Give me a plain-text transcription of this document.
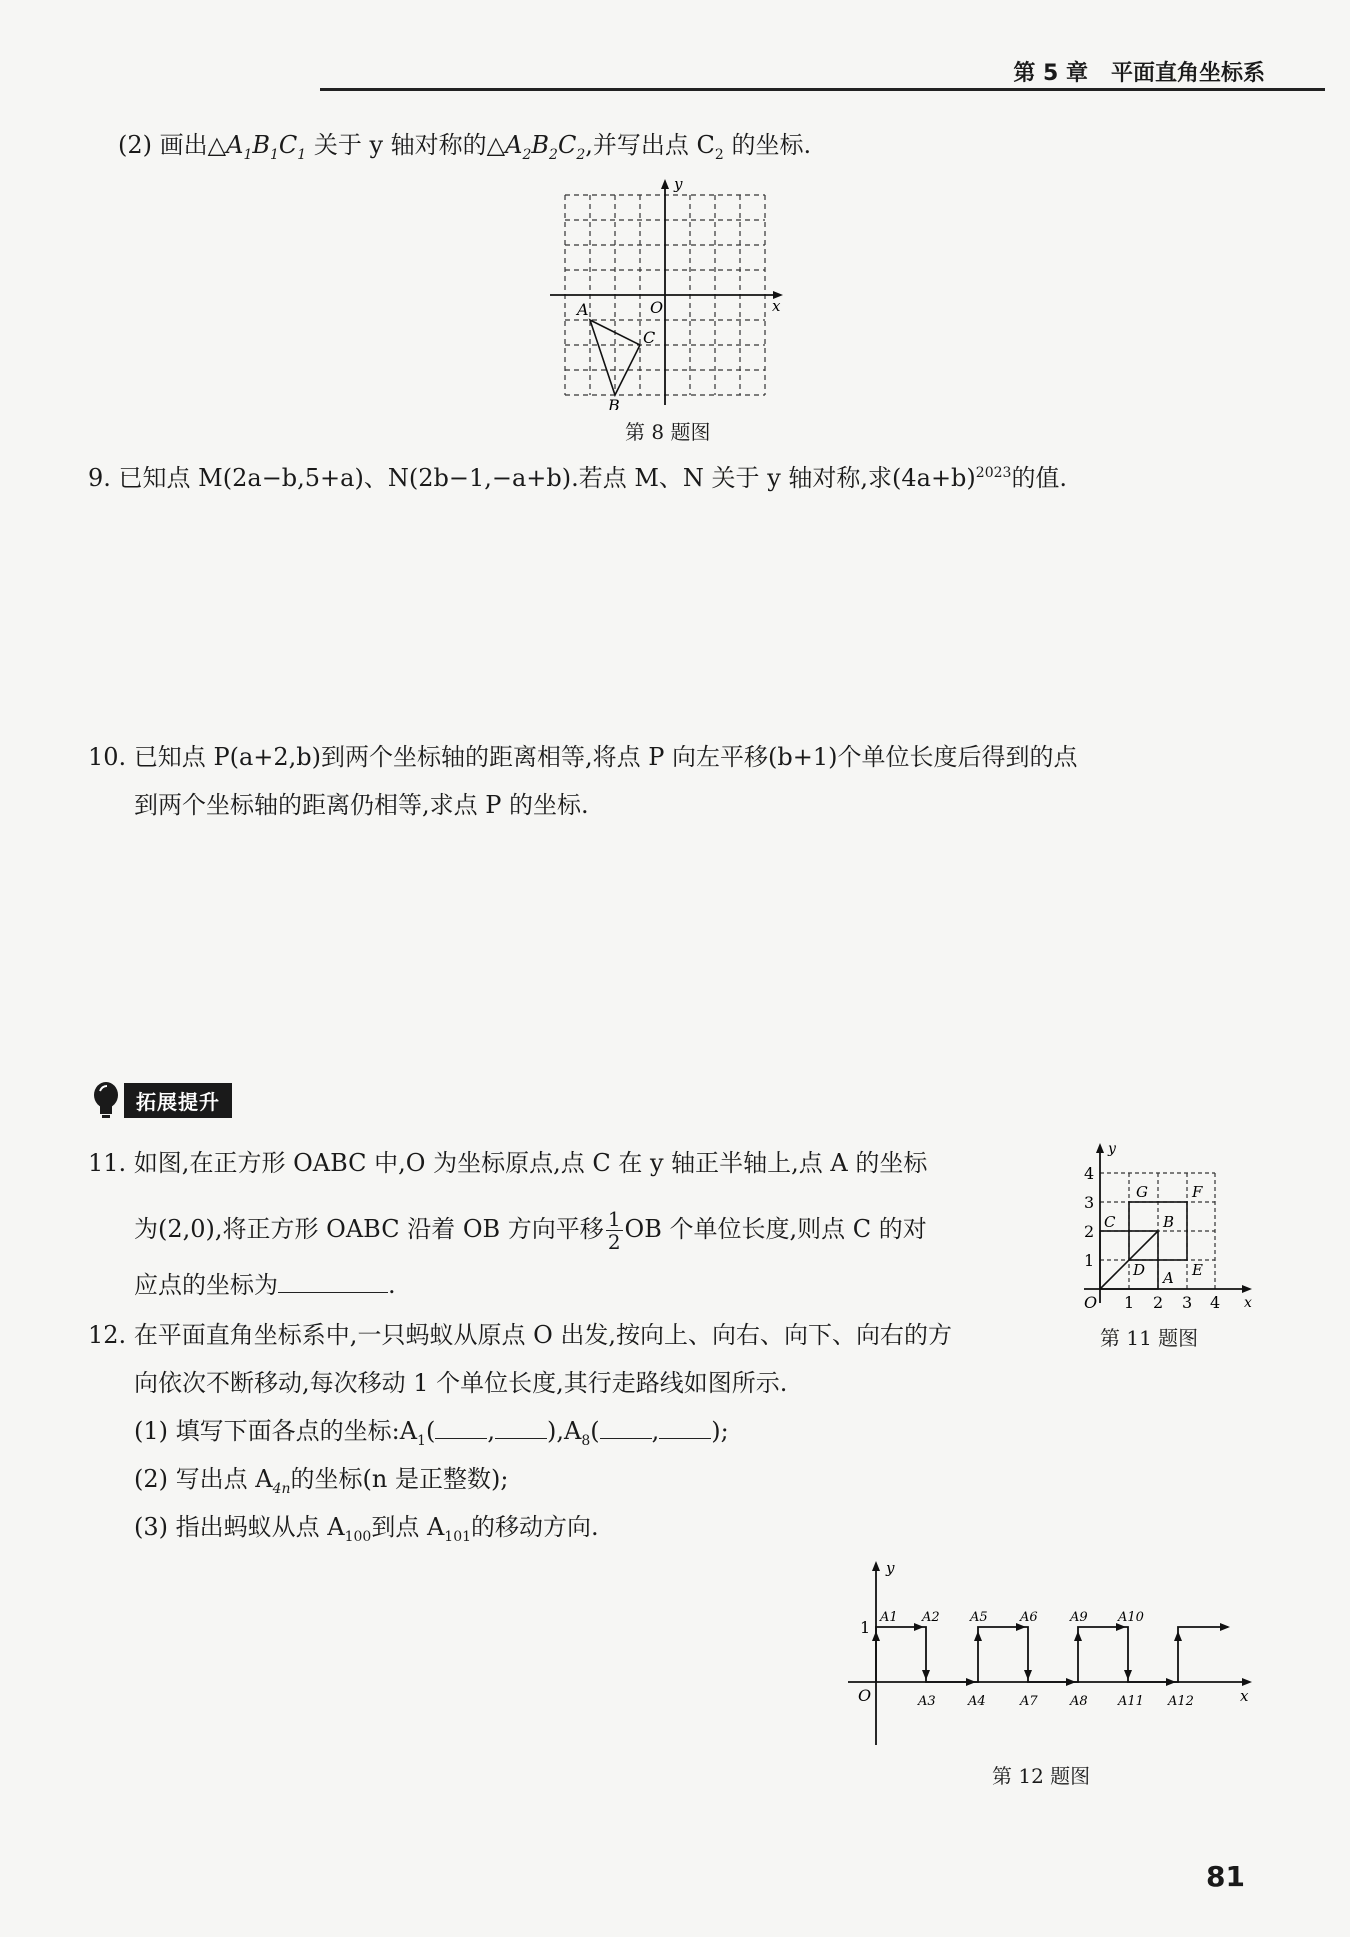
第 5 章 平面直角坐标系
(2) 画出$\triangle A_1B_1C_1$ 关于 y 轴对称的$\triangle A_2B_2C_2$,并写出点 $C_2$ 的坐标.
y
x
O
A
C
B
第 8 题图
9. 已知点 M(2a−b,5+a)、N(2b−1,−a+b).若点 M、N 关于 y 轴对称,求$(4a+b)^{2023}$的值.
10. 已知点 P(a+2,b)到两个坐标轴的距离相等,将点 P 向左平移(b+1)个单位长度后得到的点
到两个坐标轴的距离仍相等,求点 P 的坐标.
拓展提升
11. 如图,在正方形 OABC 中,O 为坐标原点,点 C 在 y 轴正半轴上,点 A 的坐标
为(2,0),将正方形 OABC 沿着 OB 方向平移 $\frac{1}{2}$ OB 个单位长度,则点 C 的对
应点的坐标为	.
y
x
O
1
2
3
4
1 2 3 4
G	F
C	B
D A E
第 11 题图
12. 在平面直角坐标系中,一只蚂蚁从原点 O 出发,按向上、向右、向下、向右的方
向依次不断移动,每次移动 1 个单位长度,其行走路线如图所示.
(1) 填写下面各点的坐标$:A_1$( , )$,A_8$( , );
(2) 写出点 $A_{4n}$的坐标(n 是正整数);
(3) 指出蚂蚁从点 $A_{100}$到点 $A_{101}$的移动方向.
y
x
O
1
A1 A2 A5 A6 A9 A10
A3 A4	A7 A8 A11 A12
第 12 题图
81
